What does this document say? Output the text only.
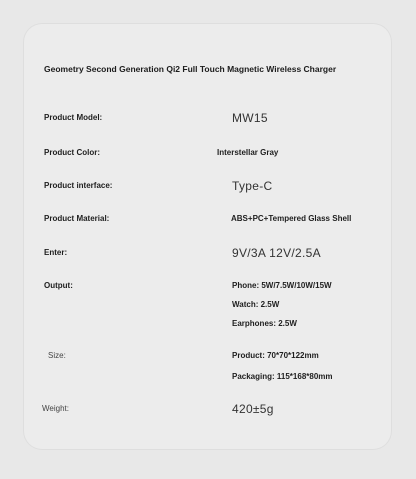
Geometry Second Generation Qi2 Full Touch Magnetic Wireless Charger
Product Model:	MW15
Product Color:	Interstellar Gray
Product interface:	Type-C
Product Material:	ABS+PC+Tempered Glass Shell
Enter:	9V/3A 12V/2.5A
Output:	Phone: 5W/7.5W/10W/15W
Watch: 2.5W
Earphones: 2.5W
Size:	Product: 70*70*122mm
Packaging: 115*168*80mm
Weight:	420±5g
